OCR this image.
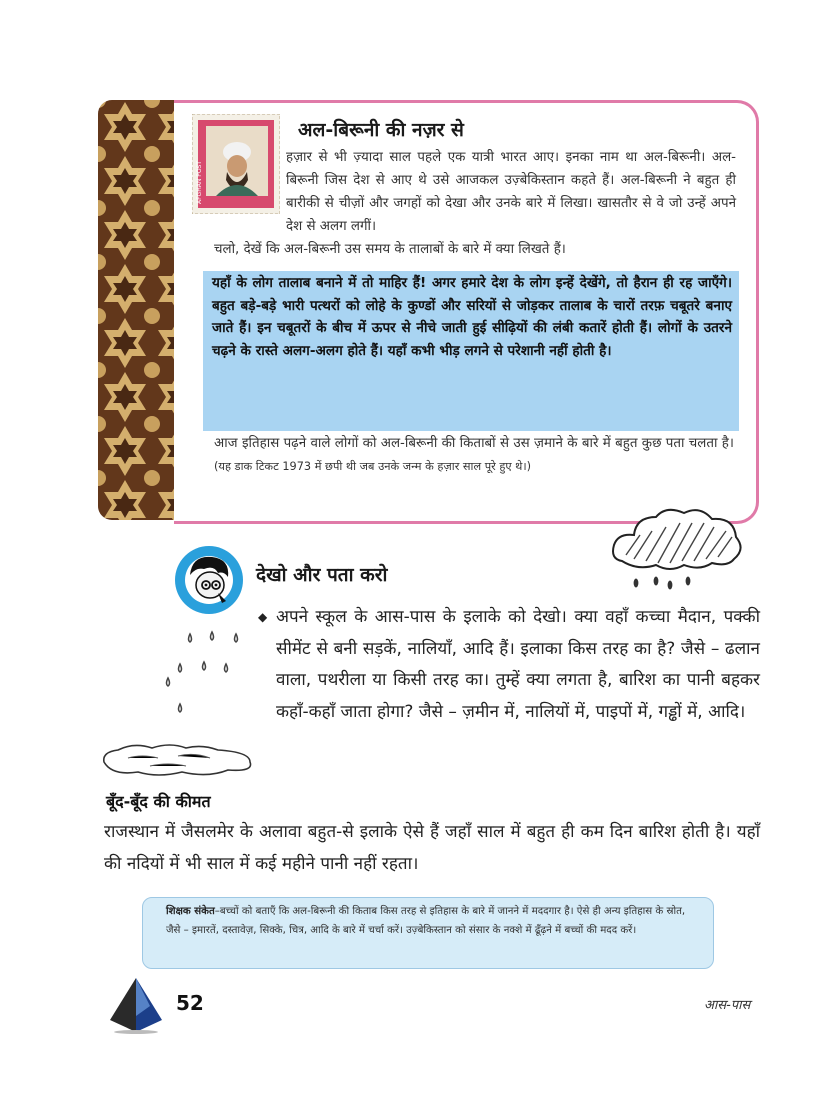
AFGHAN POST
अल-बिरूनी की नज़र से
हज़ार से भी ज़्यादा साल पहले एक यात्री भारत आए। इनका नाम था अल-बिरूनी। अल-बिरूनी जिस देश से आए थे उसे आजकल उज़्बेकिस्तान कहते हैं। अल-बिरूनी ने बहुत ही बारीकी से चीज़ों और जगहों को देखा और उनके बारे में लिखा। खासतौर से वे जो उन्हें अपने देश से अलग लगीं।
चलो, देखें कि अल-बिरूनी उस समय के तालाबों के बारे में क्या लिखते हैं।
यहाँ के लोग तालाब बनाने में तो माहिर हैं! अगर हमारे देश के लोग इन्हें देखेंगे, तो हैरान ही रह जाएँगे। बहुत बड़े-बड़े भारी पत्थरों को लोहे के कुण्डों और सरियों से जोड़कर तालाब के चारों तरफ़ चबूतरे बनाए जाते हैं। इन चबूतरों के बीच में ऊपर से नीचे जाती हुई सीढ़ियों की लंबी कतारें होती हैं। लोगों के उतरने चढ़ने के रास्ते अलग-अलग होते हैं। यहाँ कभी भीड़ लगने से परेशानी नहीं होती है।
आज इतिहास पढ़ने वाले लोगों को अल-बिरूनी की किताबों से उस ज़माने के बारे में बहुत कुछ पता चलता है। (यह डाक टिकट 1973 में छपी थी जब उनके जन्म के हज़ार साल पूरे हुए थे।)
देखो और पता करो
◆ अपने स्कूल के आस-पास के इलाके को देखो। क्या वहाँ कच्चा मैदान, पक्की सीमेंट से बनी सड़कें, नालियाँ, आदि हैं। इलाका किस तरह का है? जैसे – ढलान वाला, पथरीला या किसी तरह का। तुम्हें क्या लगता है, बारिश का पानी बहकर कहाँ-कहाँ जाता होगा? जैसे – ज़मीन में, नालियों में, पाइपों में, गड्ढों में, आदि।
बूँद-बूँद की कीमत
राजस्थान में जैसलमेर के अलावा बहुत-से इलाके ऐसे हैं जहाँ साल में बहुत ही कम दिन बारिश होती है। यहाँ की नदियों में भी साल में कई महीने पानी नहीं रहता।
शिक्षक संकेत–बच्चों को बताएँ कि अल-बिरूनी की किताब किस तरह से इतिहास के बारे में जानने में मददगार है। ऐसे ही अन्य इतिहास के स्रोत, जैसे – इमारतें, दस्तावेज़, सिक्के, चित्र, आदि के बारे में चर्चा करें। उज़्बेकिस्तान को संसार के नक्शे में ढूँढ़ने में बच्चों की मदद करें।
52	आस-पास
